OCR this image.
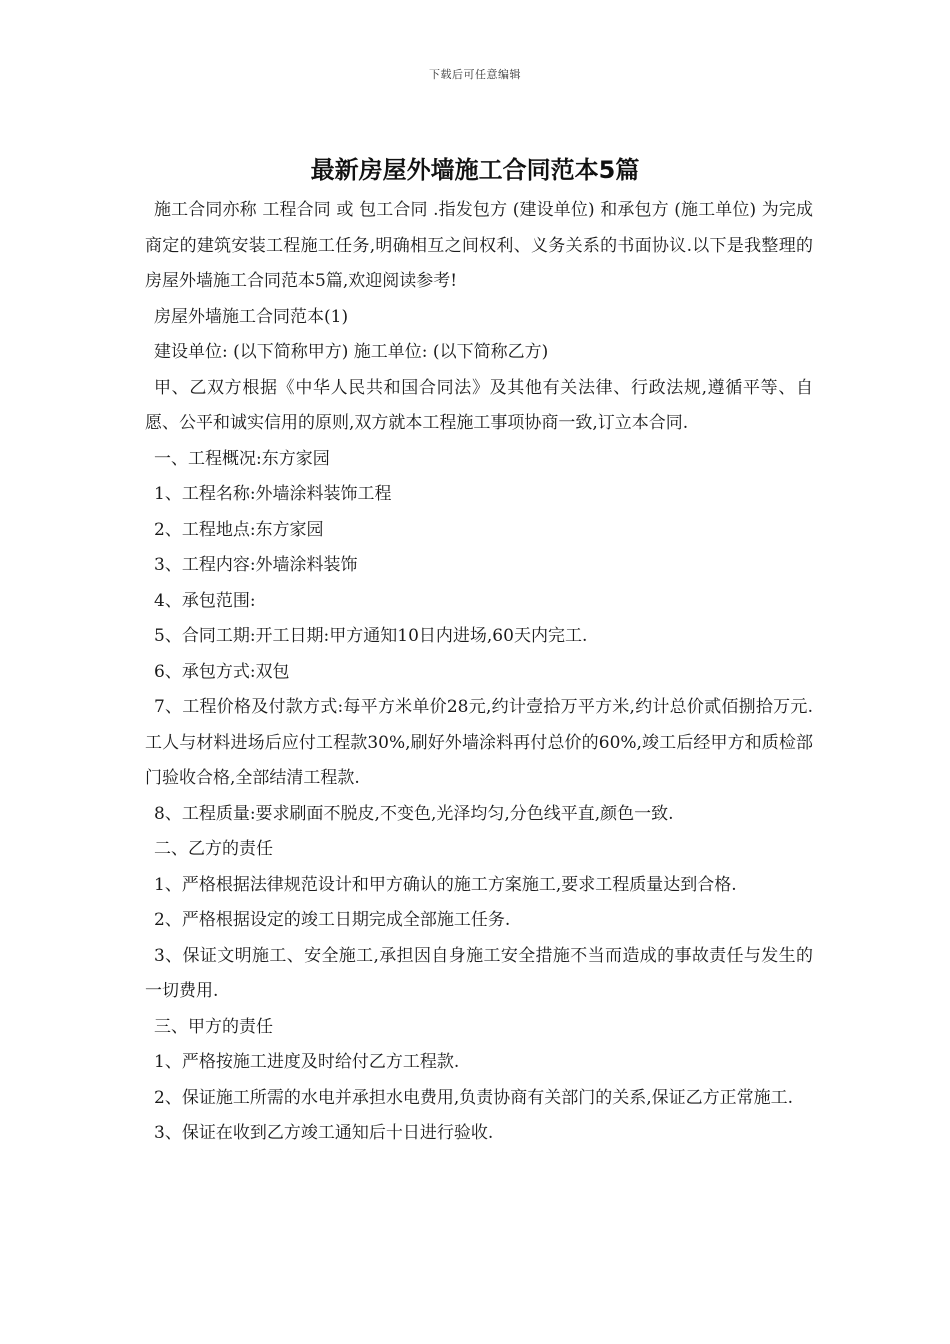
下载后可任意编辑
最新房屋外墙施工合同范本5篇

施工合同亦称 工程合同 或 包工合同 .指发包方 (建设单位) 和承包方 (施工单位) 为完成商定的建筑安装工程施工任务,明确相互之间权利、义务关系的书面协议.以下是我整理的房屋外墙施工合同范本5篇,欢迎阅读参考!

房屋外墙施工合同范本(1)

建设单位: (以下简称甲方) 施工单位: (以下简称乙方)

甲、乙双方根据《中华人民共和国合同法》及其他有关法律、行政法规,遵循平等、自愿、公平和诚实信用的原则,双方就本工程施工事项协商一致,订立本合同.

一、工程概况:东方家园

1、工程名称:外墙涂料装饰工程

2、工程地点:东方家园

3、工程内容:外墙涂料装饰

4、承包范围:

5、合同工期:开工日期:甲方通知10日内进场,60天内完工.

6、承包方式:双包

7、工程价格及付款方式:每平方米单价28元,约计壹拾万平方米,约计总价贰佰捌拾万元.工人与材料进场后应付工程款30%,刷好外墙涂料再付总价的60%,竣工后经甲方和质检部门验收合格,全部结清工程款.

8、工程质量:要求刷面不脱皮,不变色,光泽均匀,分色线平直,颜色一致.

二、乙方的责任

1、严格根据法律规范设计和甲方确认的施工方案施工,要求工程质量达到合格.

2、严格根据设定的竣工日期完成全部施工任务.

3、保证文明施工、安全施工,承担因自身施工安全措施不当而造成的事故责任与发生的一切费用.

三、甲方的责任

1、严格按施工进度及时给付乙方工程款.

2、保证施工所需的水电并承担水电费用,负责协商有关部门的关系,保证乙方正常施工.

3、保证在收到乙方竣工通知后十日进行验收.
